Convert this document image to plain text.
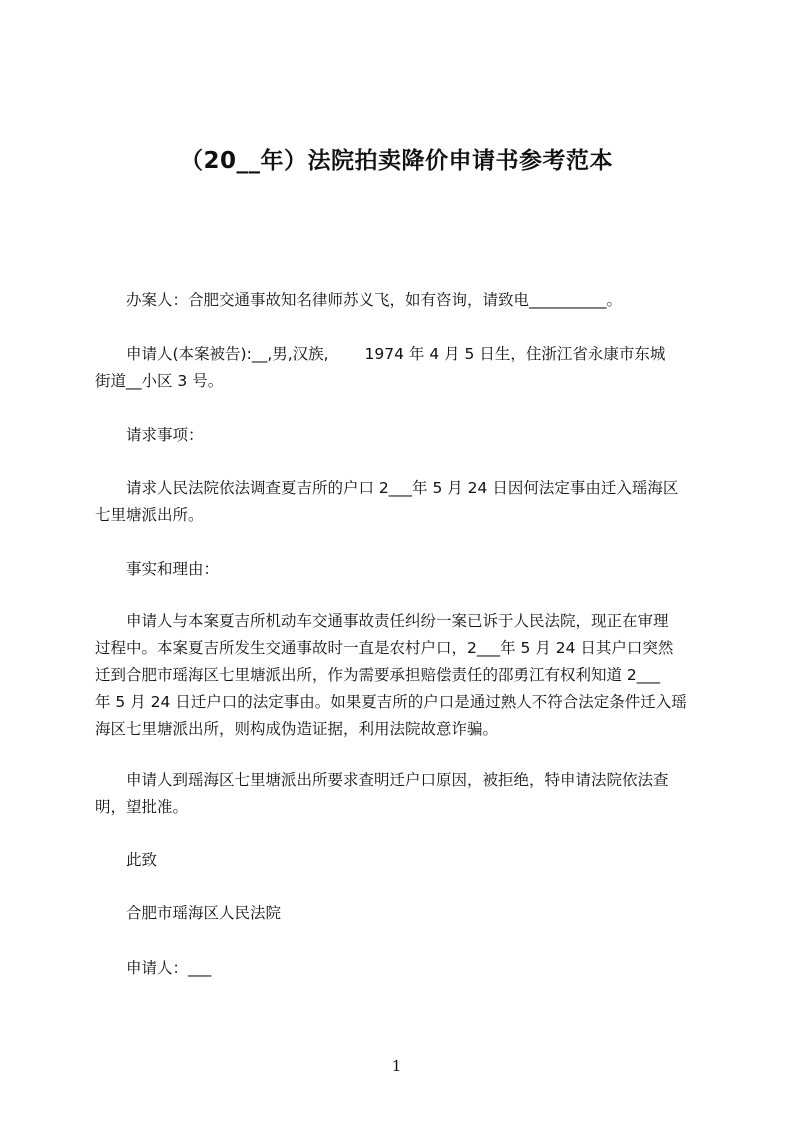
（20__年）法院拍卖降价申请书参考范本
　　办案人：合肥交通事故知名律师苏义飞，如有咨询，请致电__________。
　　申请人(本案被告):__,男,汉族,　　 1974 年 4 月 5 日生，住浙江省永康市东城
街道__小区 3 号。
　　请求事项：
　　请求人民法院依法调查夏吉所的户口 2___年 5 月 24 日因何法定事由迁入瑶海区
七里塘派出所。
　　事实和理由：
　　申请人与本案夏吉所机动车交通事故责任纠纷一案已诉于人民法院，现正在审理
过程中。本案夏吉所发生交通事故时一直是农村户口，2___年 5 月 24 日其户口突然
迁到合肥市瑶海区七里塘派出所，作为需要承担赔偿责任的邵勇江有权利知道 2___
年 5 月 24 日迁户口的法定事由。如果夏吉所的户口是通过熟人不符合法定条件迁入瑶
海区七里塘派出所，则构成伪造证据，利用法院故意诈骗。
　　申请人到瑶海区七里塘派出所要求查明迁户口原因，被拒绝，特申请法院依法查
明，望批准。
　　此致
　　合肥市瑶海区人民法院
　　申请人：___
1
